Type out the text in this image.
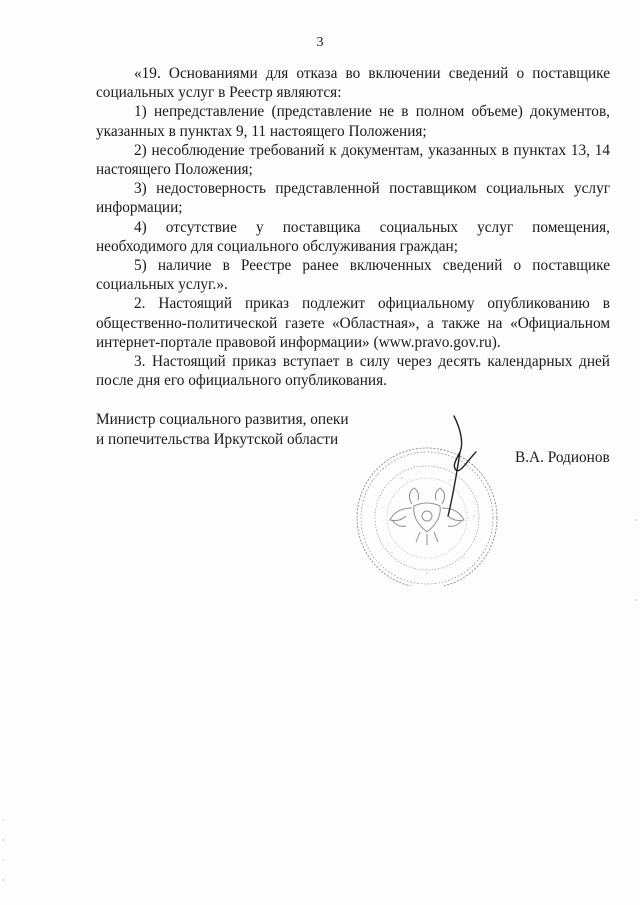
3

«19. Основаниями для отказа во включении сведений о поставщике социальных услуг в Реестр являются:

1) непредставление (представление не в полном объеме) документов, указанных в пунктах 9, 11 настоящего Положения;

2) несоблюдение требований к документам, указанных в пунктах 13, 14 настоящего Положения;

3) недостоверность представленной поставщиком социальных услуг информации;

4) отсутствие у поставщика социальных услуг помещения, необходимого для социального обслуживания граждан;

5) наличие в Реестре ранее включенных сведений о поставщике социальных услуг.».

2. Настоящий приказ подлежит официальному опубликованию в общественно-политической газете «Областная», а также на «Официальном интернет-портале правовой информации» (www.pravo.gov.ru).

3. Настоящий приказ вступает в силу через десять календарных дней после дня его официального опубликования.

Министр социального развития, опеки
и попечительства Иркутской области
В.А. Родионов
· · · · · · · · · · · · · · · · · · · · · · · · · · · · · · · · · · · ·
